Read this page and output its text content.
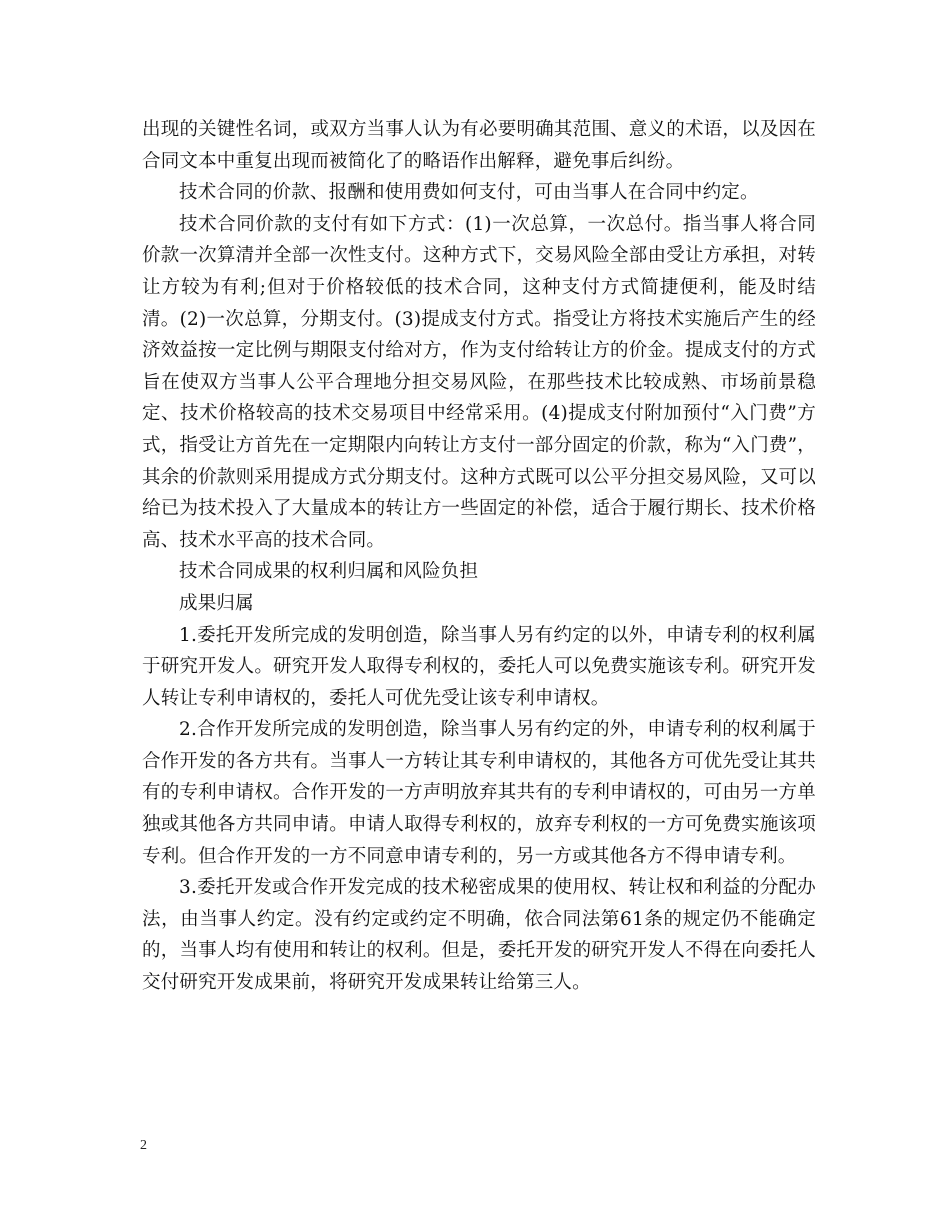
出现的关键性名词，或双方当事人认为有必要明确其范围、意义的术语，以及因在合同文本中重复出现而被简化了的略语作出解释，避免事后纠纷。

技术合同的价款、报酬和使用费如何支付，可由当事人在合同中约定。

技术合同价款的支付有如下方式：(1)一次总算，一次总付。指当事人将合同价款一次算清并全部一次性支付。这种方式下，交易风险全部由受让方承担，对转让方较为有利;但对于价格较低的技术合同，这种支付方式简捷便利，能及时结清。(2)一次总算，分期支付。(3)提成支付方式。指受让方将技术实施后产生的经济效益按一定比例与期限支付给对方，作为支付给转让方的价金。提成支付的方式旨在使双方当事人公平合理地分担交易风险，在那些技术比较成熟、市场前景稳定、技术价格较高的技术交易项目中经常采用。(4)提成支付附加预付“入门费”方式，指受让方首先在一定期限内向转让方支付一部分固定的价款，称为“入门费”，其余的价款则采用提成方式分期支付。这种方式既可以公平分担交易风险，又可以给已为技术投入了大量成本的转让方一些固定的补偿，适合于履行期长、技术价格高、技术水平高的技术合同。

技术合同成果的权利归属和风险负担

成果归属

1.委托开发所完成的发明创造，除当事人另有约定的以外，申请专利的权利属于研究开发人。研究开发人取得专利权的，委托人可以免费实施该专利。研究开发人转让专利申请权的，委托人可优先受让该专利申请权。

2.合作开发所完成的发明创造，除当事人另有约定的外，申请专利的权利属于合作开发的各方共有。当事人一方转让其专利申请权的，其他各方可优先受让其共有的专利申请权。合作开发的一方声明放弃其共有的专利申请权的，可由另一方单独或其他各方共同申请。申请人取得专利权的，放弃专利权的一方可免费实施该项专利。但合作开发的一方不同意申请专利的，另一方或其他各方不得申请专利。

3.委托开发或合作开发完成的技术秘密成果的使用权、转让权和利益的分配办法，由当事人约定。没有约定或约定不明确，依合同法第61条的规定仍不能确定的，当事人均有使用和转让的权利。但是，委托开发的研究开发人不得在向委托人交付研究开发成果前，将研究开发成果转让给第三人。

2
